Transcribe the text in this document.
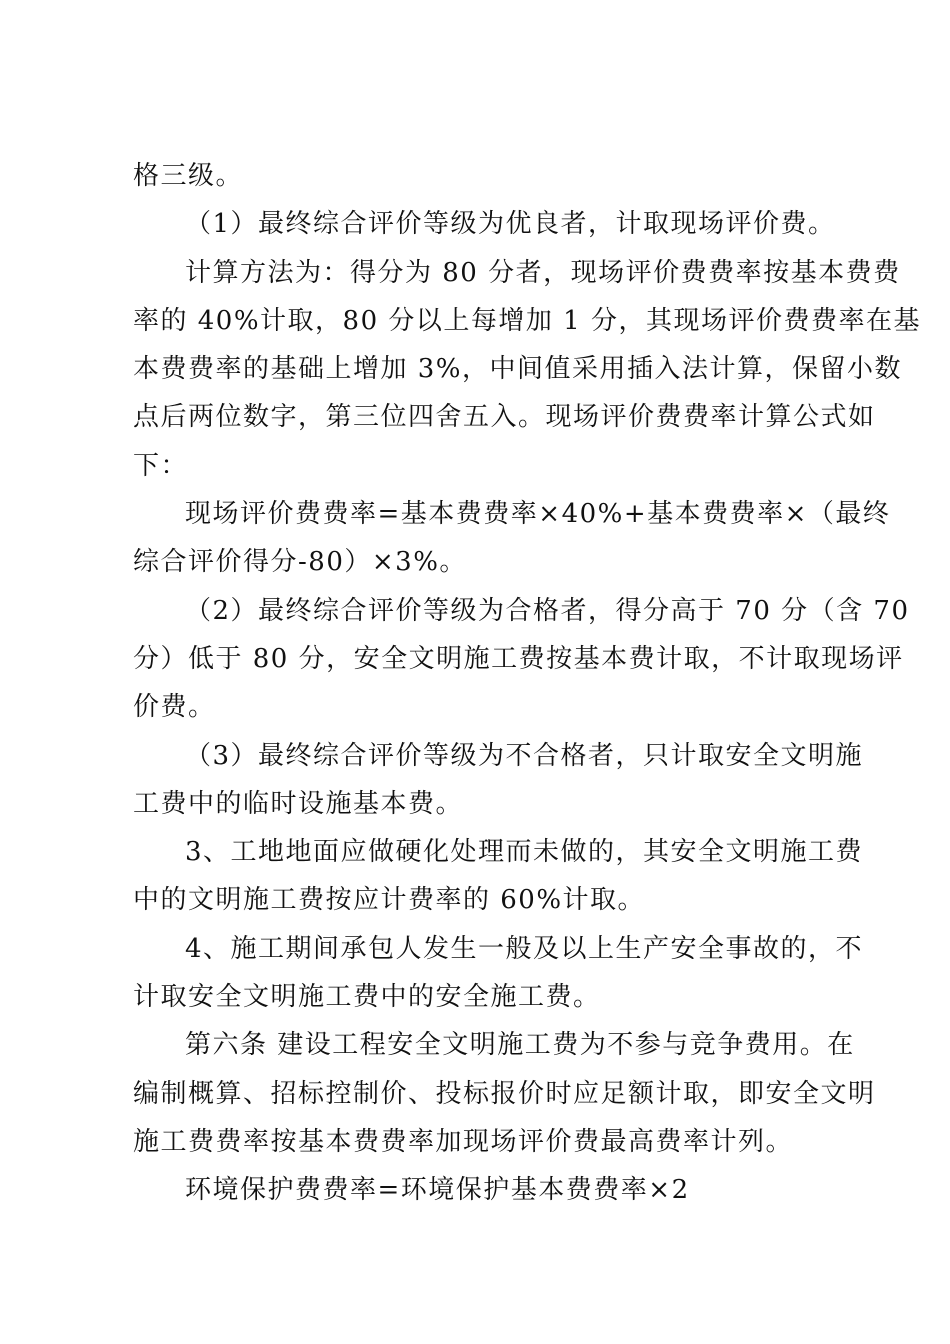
格三级。
（1）最终综合评价等级为优良者，计取现场评价费。
计算方法为：得分为 80 分者，现场评价费费率按基本费费
率的 40%计取，80 分以上每增加 1 分，其现场评价费费率在基
本费费率的基础上增加 3%，中间值采用插入法计算，保留小数
点后两位数字，第三位四舍五入。现场评价费费率计算公式如
下：
现场评价费费率=基本费费率×40%+基本费费率×（最终
综合评价得分-80）×3%。
（2）最终综合评价等级为合格者，得分高于 70 分（含 70
分）低于 80 分，安全文明施工费按基本费计取，不计取现场评
价费。
（3）最终综合评价等级为不合格者，只计取安全文明施
工费中的临时设施基本费。
3、工地地面应做硬化处理而未做的，其安全文明施工费
中的文明施工费按应计费率的 60%计取。
4、施工期间承包人发生一般及以上生产安全事故的，不
计取安全文明施工费中的安全施工费。
第六条 建设工程安全文明施工费为不参与竞争费用。在
编制概算、招标控制价、投标报价时应足额计取，即安全文明
施工费费率按基本费费率加现场评价费最高费率计列。
环境保护费费率=环境保护基本费费率×2
